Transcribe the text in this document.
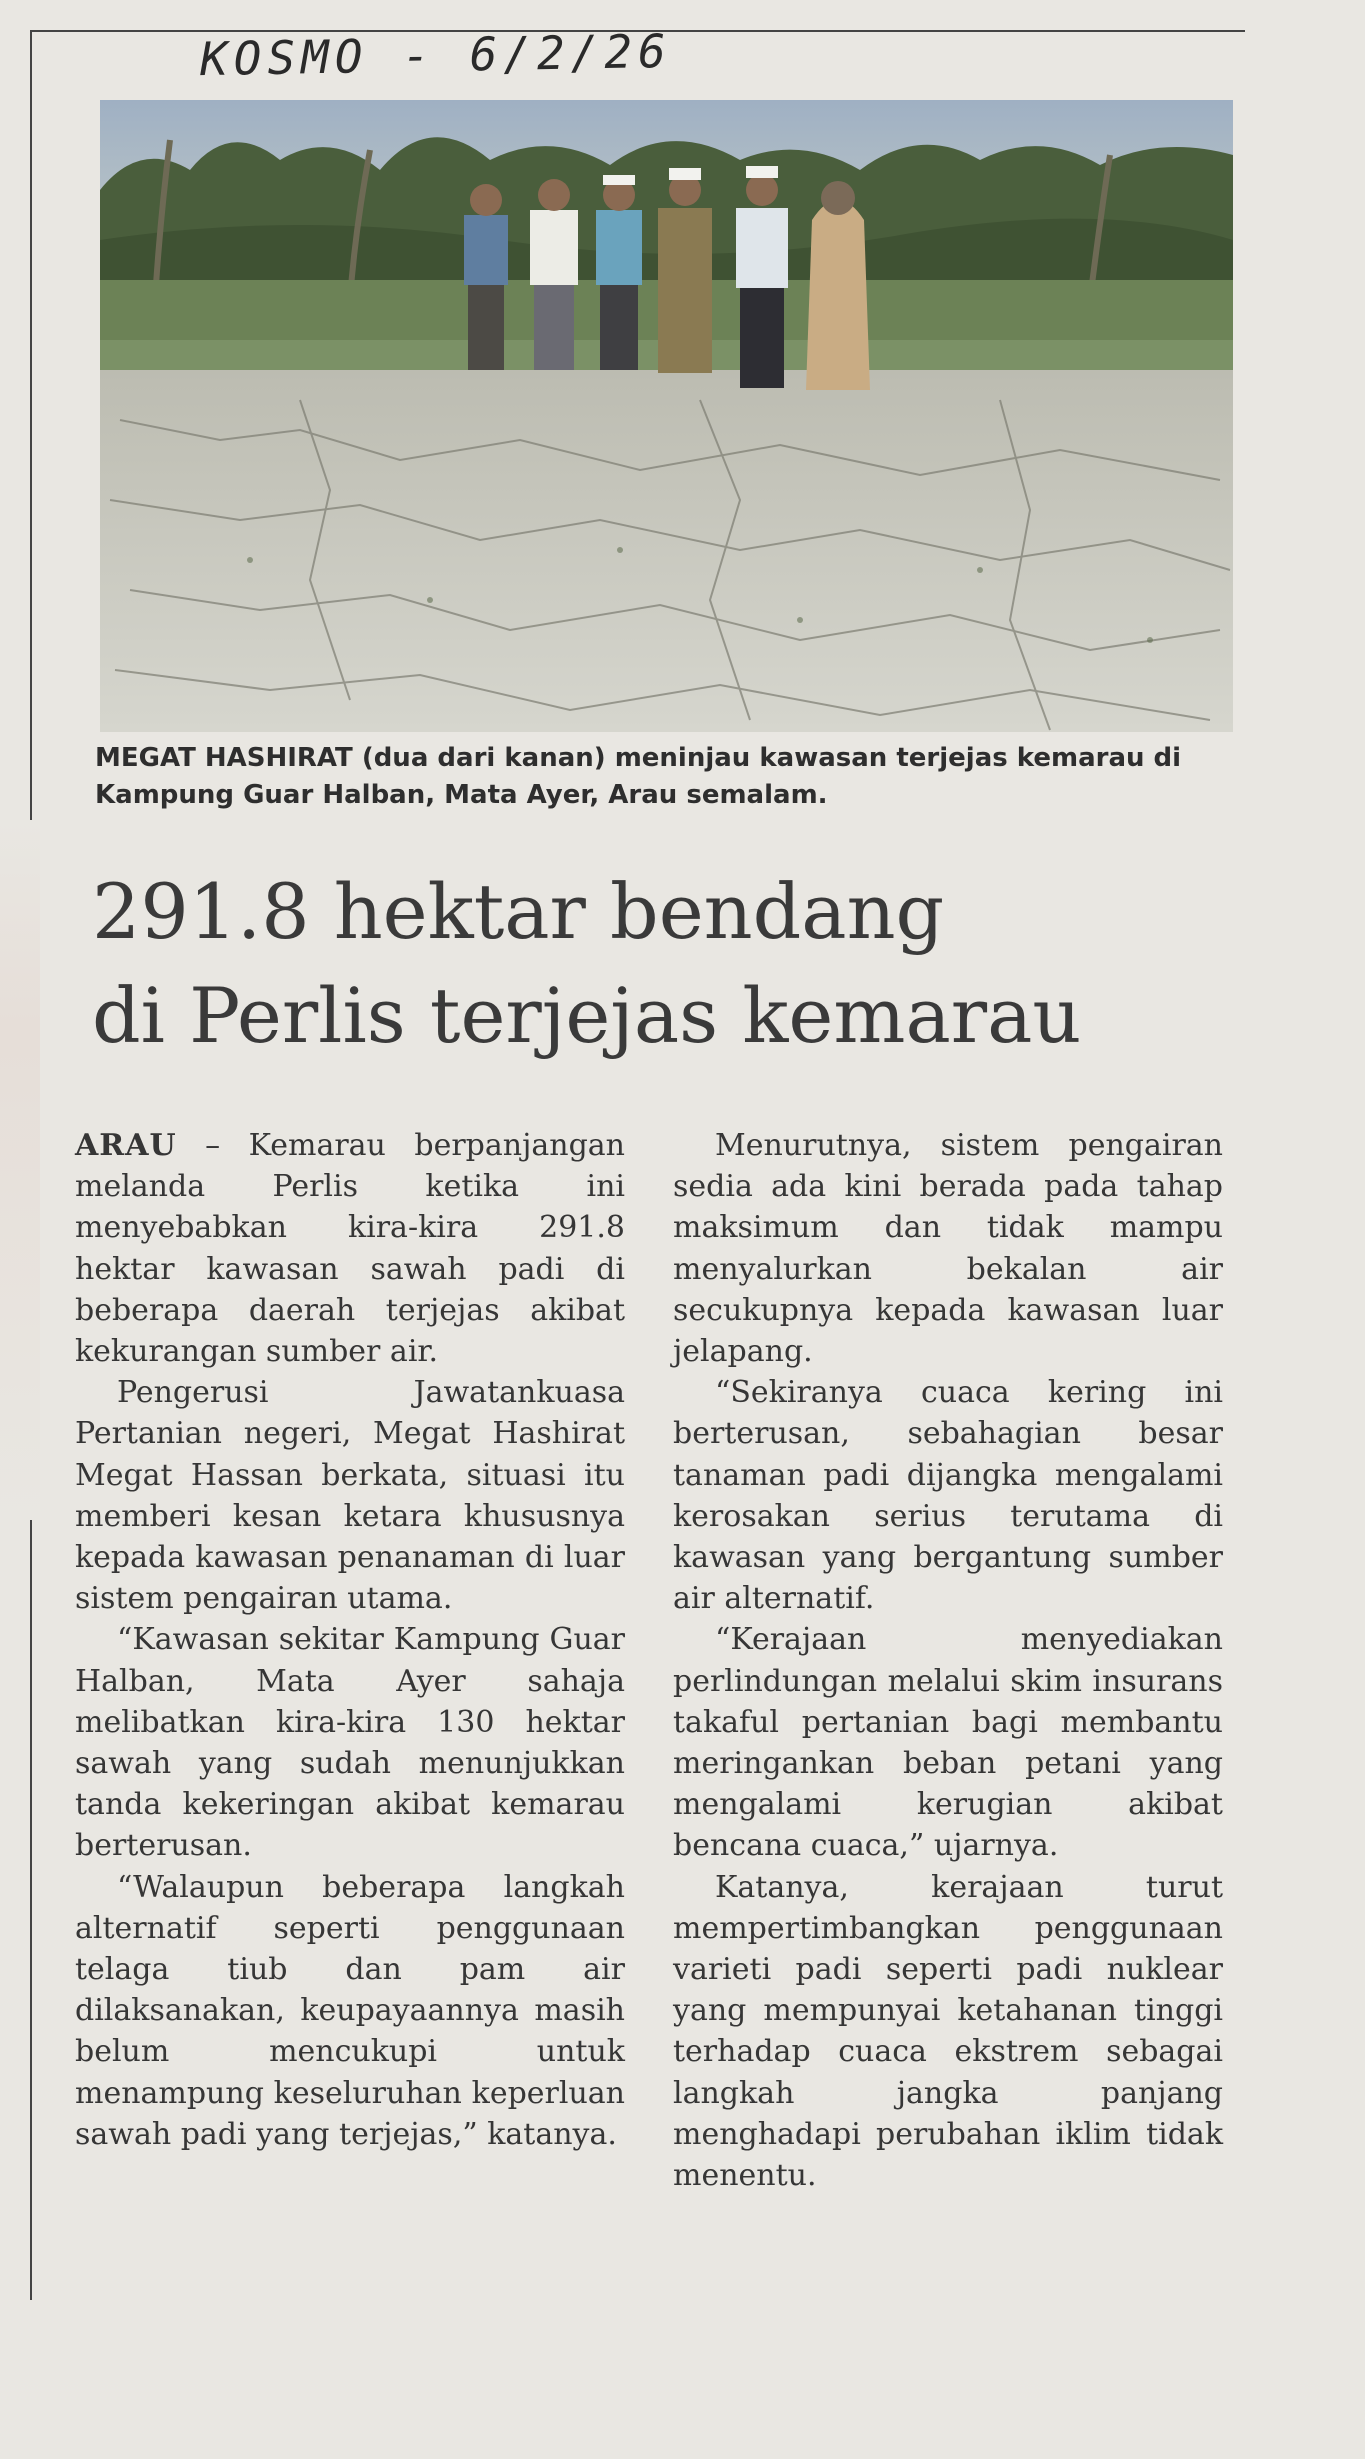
KOSMO - 6/2/26
MEGAT HASHIRAT (dua dari kanan) meninjau kawasan terjejas kemarau di Kampung Guar Halban, Mata Ayer, Arau semalam.
291.8 hektar bendang
di Perlis terjejas kemarau

ARAU – Kemarau berpanjangan melanda Perlis ketika ini menyebabkan kira-kira 291.8 hektar kawasan sawah padi di beberapa daerah terjejas akibat kekurangan sumber air.

Pengerusi Jawatankuasa Pertanian negeri, Megat Hashirat Megat Hassan berkata, situasi itu memberi kesan ketara khususnya kepada kawasan penanaman di luar sistem pengairan utama.

“Kawasan sekitar Kampung Guar Halban, Mata Ayer sahaja melibatkan kira-kira 130 hektar sawah yang sudah menunjukkan tanda kekeringan akibat kemarau berterusan.

“Walaupun beberapa langkah alternatif seperti penggunaan telaga tiub dan pam air dilaksanakan, keupayaannya masih belum mencukupi untuk menampung keseluruhan keperluan sawah padi yang terjejas,” katanya.

Menurutnya, sistem pengairan sedia ada kini berada pada tahap maksimum dan tidak mampu menyalurkan bekalan air secukupnya kepada kawasan luar jelapang.

“Sekiranya cuaca kering ini berterusan, sebahagian besar tanaman padi dijangka mengalami kerosakan serius terutama di kawasan yang bergantung sumber air alternatif.

“Kerajaan menyediakan perlindungan melalui skim insurans takaful pertanian bagi membantu meringankan beban petani yang mengalami kerugian akibat bencana cuaca,” ujarnya.

Katanya, kerajaan turut mempertimbangkan penggunaan varieti padi seperti padi nuklear yang mempunyai ketahanan tinggi terhadap cuaca ekstrem sebagai langkah jangka panjang menghadapi perubahan iklim tidak menentu.
